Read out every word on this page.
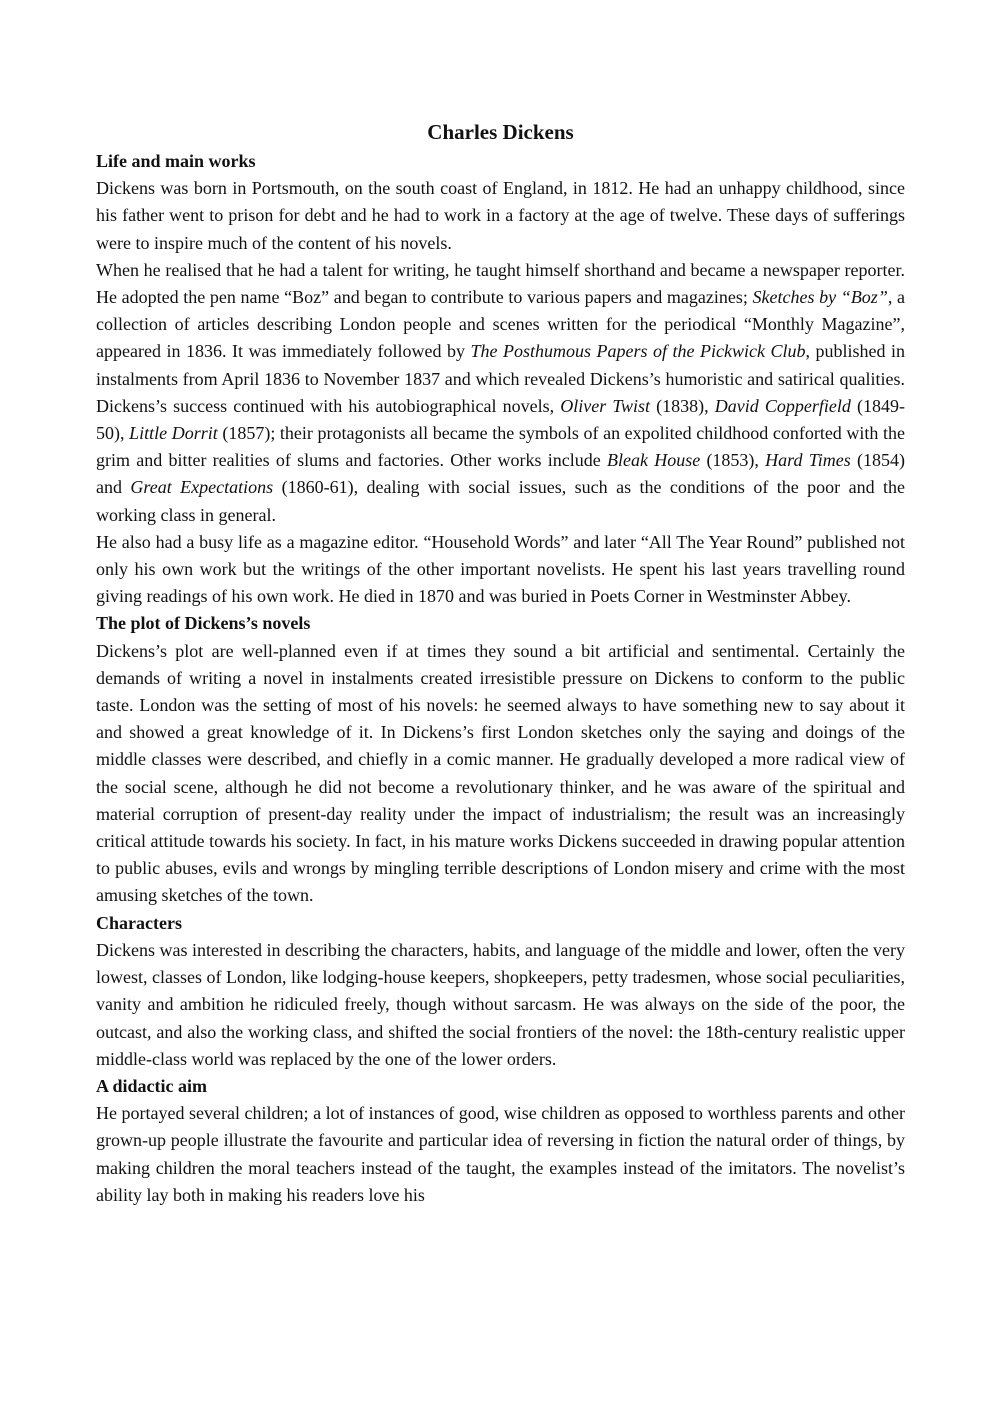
Charles Dickens
Life and main works

Dickens was born in Portsmouth, on the south coast of England, in 1812. He had an unhappy childhood, since his father went to prison for debt and he had to work in a factory at the age of twelve. These days of sufferings were to inspire much of the content of his novels.

When he realised that he had a talent for writing, he taught himself shorthand and became a newspaper reporter. He adopted the pen name “Boz” and began to contribute to various papers and magazines; Sketches by “Boz”, a collection of articles describing London people and scenes written for the periodical “Monthly Magazine”, appeared in 1836. It was immediately followed by The Posthumous Papers of the Pickwick Club, published in instalments from April 1836 to November 1837 and which revealed Dickens’s humoristic and satirical qualities. Dickens’s success continued with his autobiographical novels, Oliver Twist (1838), David Copperfield (1849-50), Little Dorrit (1857); their protagonists all became the symbols of an expolited childhood conforted with the grim and bitter realities of slums and factories. Other works include Bleak House (1853), Hard Times (1854) and Great Expectations (1860-61), dealing with social issues, such as the conditions of the poor and the working class in general.

He also had a busy life as a magazine editor. “Household Words” and later “All The Year Round” published not only his own work but the writings of the other important novelists. He spent his last years travelling round giving readings of his own work. He died in 1870 and was buried in Poets Corner in Westminster Abbey.

The plot of Dickens’s novels

Dickens’s plot are well-planned even if at times they sound a bit artificial and sentimental. Certainly the demands of writing a novel in instalments created irresistible pressure on Dickens to conform to the public taste. London was the setting of most of his novels: he seemed always to have something new to say about it and showed a great knowledge of it. In Dickens’s first London sketches only the saying and doings of the middle classes were described, and chiefly in a comic manner. He gradually developed a more radical view of the social scene, although he did not become a revolutionary thinker, and he was aware of the spiritual and material corruption of present-day reality under the impact of industrialism; the result was an increasingly critical attitude towards his society. In fact, in his mature works Dickens succeeded in drawing popular attention to public abuses, evils and wrongs by mingling terrible descriptions of London misery and crime with the most amusing sketches of the town.

Characters

Dickens was interested in describing the characters, habits, and language of the middle and lower, often the very lowest, classes of London, like lodging-house keepers, shopkeepers, petty tradesmen, whose social peculiarities, vanity and ambition he ridiculed freely, though without sarcasm. He was always on the side of the poor, the outcast, and also the working class, and shifted the social frontiers of the novel: the 18th-century realistic upper middle-class world was replaced by the one of the lower orders.

A didactic aim

He portayed several children; a lot of instances of good, wise children as opposed to worthless parents and other grown-up people illustrate the favourite and particular idea of reversing in fiction the natural order of things, by making children the moral teachers instead of the taught, the examples instead of the imitators. The novelist’s ability lay both in making his readers love his
